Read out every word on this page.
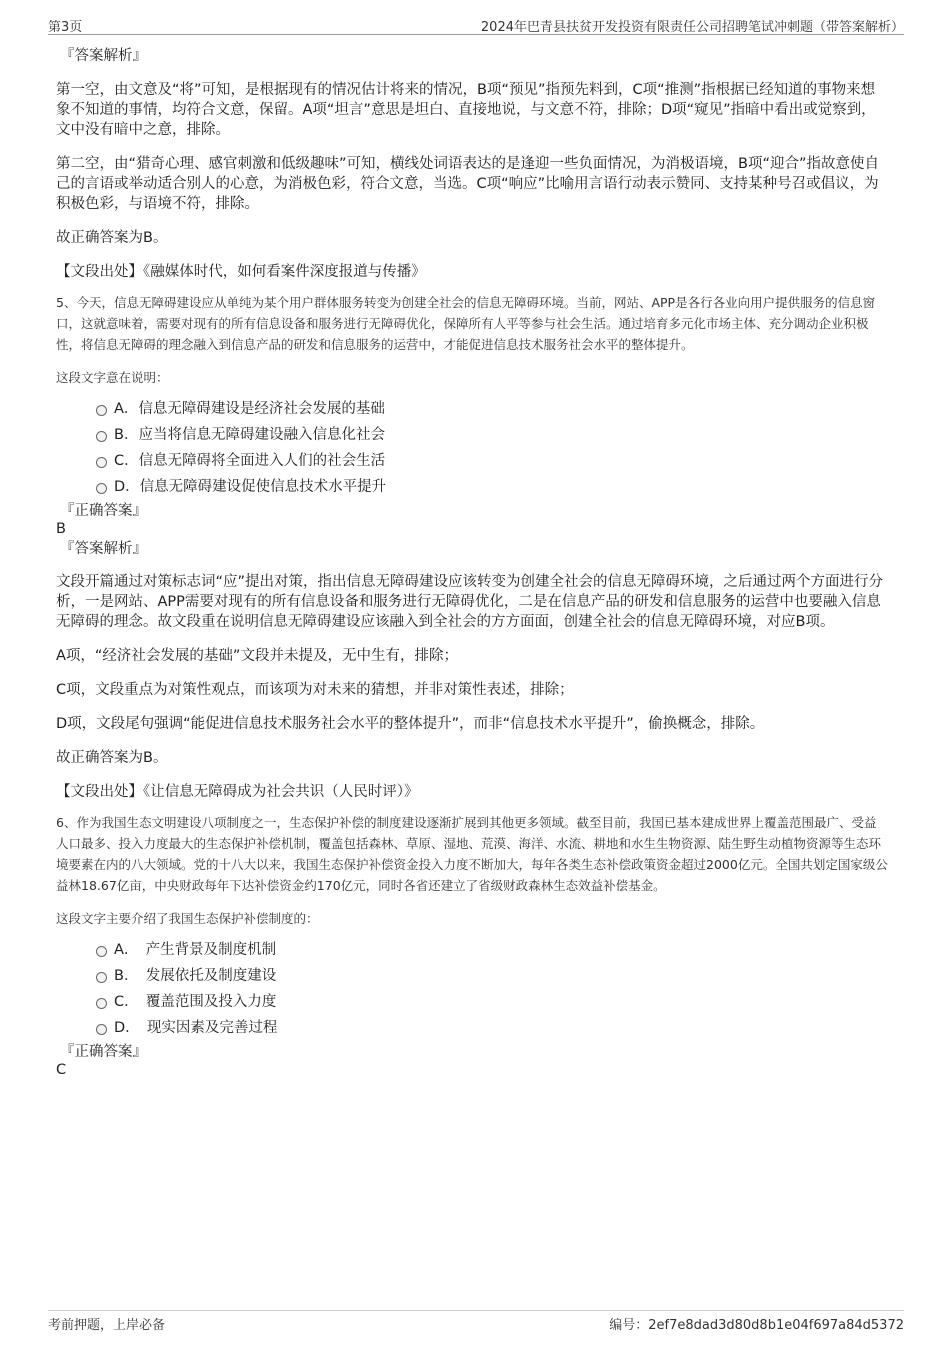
第3页	2024年巴青县扶贫开发投资有限责任公司招聘笔试冲刺题（带答案解析）

『答案解析』

第一空，由文意及“将”可知，是根据现有的情况估计将来的情况，B项“预见”指预先料到，C项“推测”指根据已经知道的事物来想象不知道的事情，均符合文意，保留。A项“坦言”意思是坦白、直接地说，与文意不符，排除；D项“窥见”指暗中看出或觉察到，文中没有暗中之意，排除。

第二空，由“猎奇心理、感官刺激和低级趣味”可知，横线处词语表达的是逢迎一些负面情况，为消极语境，B项“迎合”指故意使自己的言语或举动适合别人的心意，为消极色彩，符合文意，当选。C项“响应”比喻用言语行动表示赞同、支持某种号召或倡议，为积极色彩，与语境不符，排除。

故正确答案为B。

【文段出处】《融媒体时代，如何看案件深度报道与传播》

5、今天，信息无障碍建设应从单纯为某个用户群体服务转变为创建全社会的信息无障碍环境。当前，网站、APP是各行各业向用户提供服务的信息窗口，这就意味着，需要对现有的所有信息设备和服务进行无障碍优化，保障所有人平等参与社会生活。通过培育多元化市场主体、充分调动企业积极性，将信息无障碍的理念融入到信息产品的研发和信息服务的运营中，才能促进信息技术服务社会水平的整体提升。

这段文字意在说明：

A．信息无障碍建设是经济社会发展的基础
B．应当将信息无障碍建设融入信息化社会
C．信息无障碍将全面进入人们的社会生活
D．信息无障碍建设促使信息技术水平提升

『正确答案』

B

『答案解析』

文段开篇通过对策标志词“应”提出对策，指出信息无障碍建设应该转变为创建全社会的信息无障碍环境，之后通过两个方面进行分析，一是网站、APP需要对现有的所有信息设备和服务进行无障碍优化，二是在信息产品的研发和信息服务的运营中也要融入信息无障碍的理念。故文段重在说明信息无障碍建设应该融入到全社会的方方面面，创建全社会的信息无障碍环境，对应B项。

A项，“经济社会发展的基础”文段并未提及，无中生有，排除；

C项，文段重点为对策性观点，而该项为对未来的猜想，并非对策性表述，排除；

D项，文段尾句强调“能促进信息技术服务社会水平的整体提升”，而非“信息技术水平提升”，偷换概念，排除。

故正确答案为B。

【文段出处】《让信息无障碍成为社会共识（人民时评）》

6、作为我国生态文明建设八项制度之一，生态保护补偿的制度建设逐渐扩展到其他更多领域。截至目前，我国已基本建成世界上覆盖范围最广、受益人口最多、投入力度最大的生态保护补偿机制，覆盖包括森林、草原、湿地、荒漠、海洋、水流、耕地和水生生物资源、陆生野生动植物资源等生态环境要素在内的八大领域。党的十八大以来，我国生态保护补偿资金投入力度不断加大，每年各类生态补偿政策资金超过2000亿元。全国共划定国家级公益林18.67亿亩，中央财政每年下达补偿资金约170亿元，同时各省还建立了省级财政森林生态效益补偿基金。

这段文字主要介绍了我国生态保护补偿制度的：

A．　产生背景及制度机制
B．　发展依托及制度建设
C．　覆盖范围及投入力度
D．　现实因素及完善过程

『正确答案』

C

考前押题，上岸必备	编号：2ef7e8dad3d80d8b1e04f697a84d5372
